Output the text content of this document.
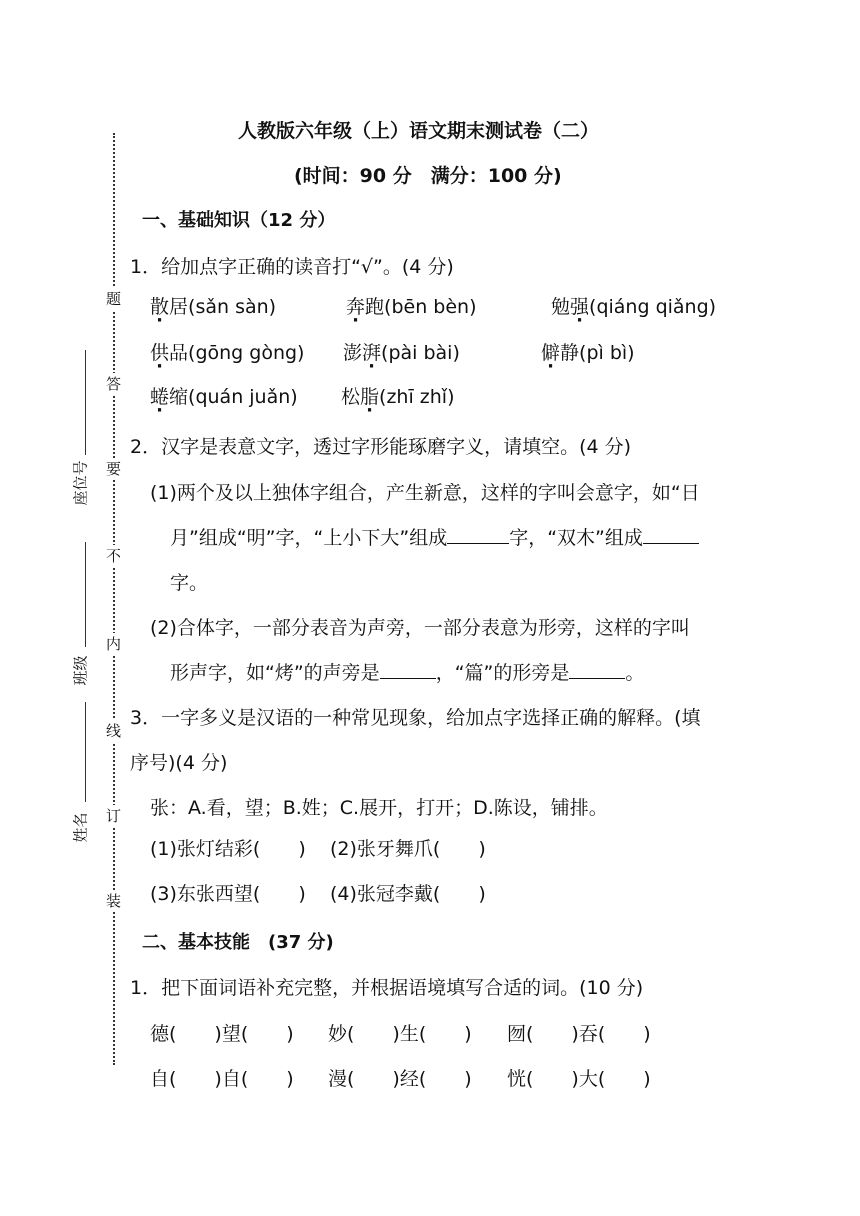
题
答
要
不
内
线
订
装
座位号
班级
姓名
人教版六年级（上）语文期末测试卷（二）
(时间：90 分　满分：100 分)
一、基础知识（12 分）
1．给加点字正确的读音打“√”。(4 分)
散居(sǎn sàn)	奔跑(bēn bèn)	勉强(qiáng qiǎng)
供品(gōng gòng) 澎湃(pài bài)	僻静(pì bì)
蜷缩(quán juǎn) 松脂(zhī zhǐ)
2．汉字是表意文字，透过字形能琢磨字义，请填空。(4 分)
(1)两个及以上独体字组合，产生新意，这样的字叫会意字，如“日
月”组成“明”字，“上小下大”组成	字，“双木”组成
字。
(2)合体字，一部分表音为声旁，一部分表意为形旁，这样的字叫
形声字，如“烤”的声旁是	，“篇”的形旁是	。
3．一字多义是汉语的一种常见现象，给加点字选择正确的解释。(填
序号)(4 分)
张：A.看，望；B.姓；C.展开，打开；D.陈设，铺排。
(1)张灯结彩(　　) (2)张牙舞爪(　　)
(3)东张西望(　　) (4)张冠李戴(　　)
二、基本技能　(37 分)
1．把下面词语补充完整，并根据语境填写合适的词。(10 分)
德(　　)望(　　) 妙(　　)生(　　) 囫(　　)吞(　　)
自(　　)自(　　) 漫(　　)经(　　) 恍(　　)大(　　)
